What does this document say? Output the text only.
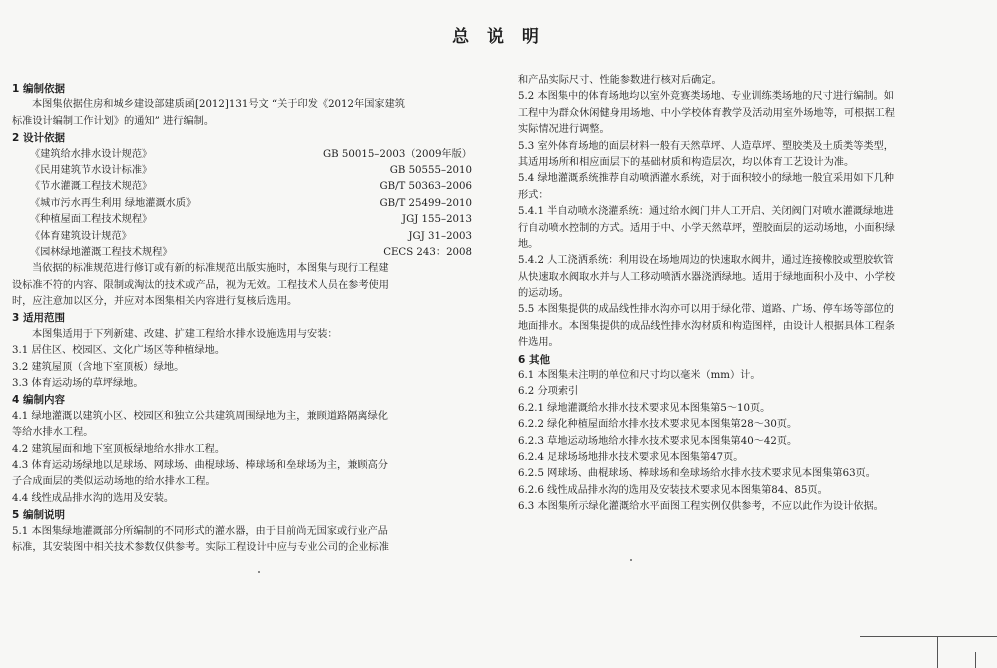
总 说 明
1 编制依据
本图集依据住房和城乡建设部建质函[2012]131号文 “关于印发《2012年国家建筑
标准设计编制工作计划》的通知” 进行编制。
2 设计依据
《建筑给水排水设计规范》	GB 50015–2003（2009年版）
《民用建筑节水设计标准》	GB 50555–2010
《节水灌溉工程技术规范》	GB/T 50363–2006
《城市污水再生利用 绿地灌溉水质》	GB/T 25499–2010
《种植屋面工程技术规程》	JGJ 155–2013
《体育建筑设计规范》	JGJ 31–2003
《园林绿地灌溉工程技术规程》	CECS 243：2008
当依据的标准规范进行修订或有新的标准规范出版实施时，本图集与现行工程建
设标准不符的内容、限制或淘汰的技术或产品，视为无效。工程技术人员在参考使用
时，应注意加以区分，并应对本图集相关内容进行复核后选用。
3 适用范围
本图集适用于下列新建、改建、扩建工程给水排水设施选用与安装：
3.1 居住区、校园区、文化广场区等种植绿地。
3.2 建筑屋顶（含地下室顶板）绿地。
3.3 体育运动场的草坪绿地。
4 编制内容
4.1 绿地灌溉以建筑小区、校园区和独立公共建筑周围绿地为主，兼顾道路隔离绿化
等给水排水工程。
4.2 建筑屋面和地下室顶板绿地给水排水工程。
4.3 体育运动场绿地以足球场、网球场、曲棍球场、棒球场和垒球场为主，兼顾高分
子合成面层的类似运动场地的给水排水工程。
4.4 线性成品排水沟的选用及安装。
5 编制说明
5.1 本图集绿地灌溉部分所编制的不同形式的灌水器，由于目前尚无国家或行业产品
标准，其安装图中相关技术参数仅供参考。实际工程设计中应与专业公司的企业标准
和产品实际尺寸、性能参数进行核对后确定。
5.2 本图集中的体育场地均以室外竞赛类场地、专业训练类场地的尺寸进行编制。如
工程中为群众休闲健身用场地、中小学校体育教学及活动用室外场地等，可根据工程
实际情况进行调整。
5.3 室外体育场地的面层材料一般有天然草坪、人造草坪、塑胶类及土质类等类型，
其适用场所和相应面层下的基础材质和构造层次，均以体育工艺设计为准。
5.4 绿地灌溉系统推荐自动喷洒灌水系统，对于面积较小的绿地一般宜采用如下几种
形式：
5.4.1 半自动喷水浇灌系统：通过给水阀门井人工开启、关闭阀门对喷水灌溉绿地进
行自动喷水控制的方式。适用于中、小学天然草坪，塑胶面层的运动场地，小面积绿
地。
5.4.2 人工浇洒系统：利用设在场地周边的快速取水阀井，通过连接橡胶或塑胶软管
从快速取水阀取水并与人工移动喷洒水器浇洒绿地。适用于绿地面积小及中、小学校
的运动场。
5.5 本图集提供的成品线性排水沟亦可以用于绿化带、道路、广场、停车场等部位的
地面排水。本图集提供的成品线性排水沟材质和构造图样，由设计人根据具体工程条
件选用。
6 其他
6.1 本图集未注明的单位和尺寸均以毫米（mm）计。
6.2 分项索引
6.2.1 绿地灌溉给水排水技术要求见本图集第5～10页。
6.2.2 绿化种植屋面给水排水技术要求见本图集第28～30页。
6.2.3 草地运动场地给水排水技术要求见本图集第40～42页。
6.2.4 足球场场地排水技术要求见本图集第47页。
6.2.5 网球场、曲棍球场、棒球场和垒球场给水排水技术要求见本图集第63页。
6.2.6 线性成品排水沟的选用及安装技术要求见本图集第84、85页。
6.3 本图集所示绿化灌溉给水平面图工程实例仅供参考，不应以此作为设计依据。
